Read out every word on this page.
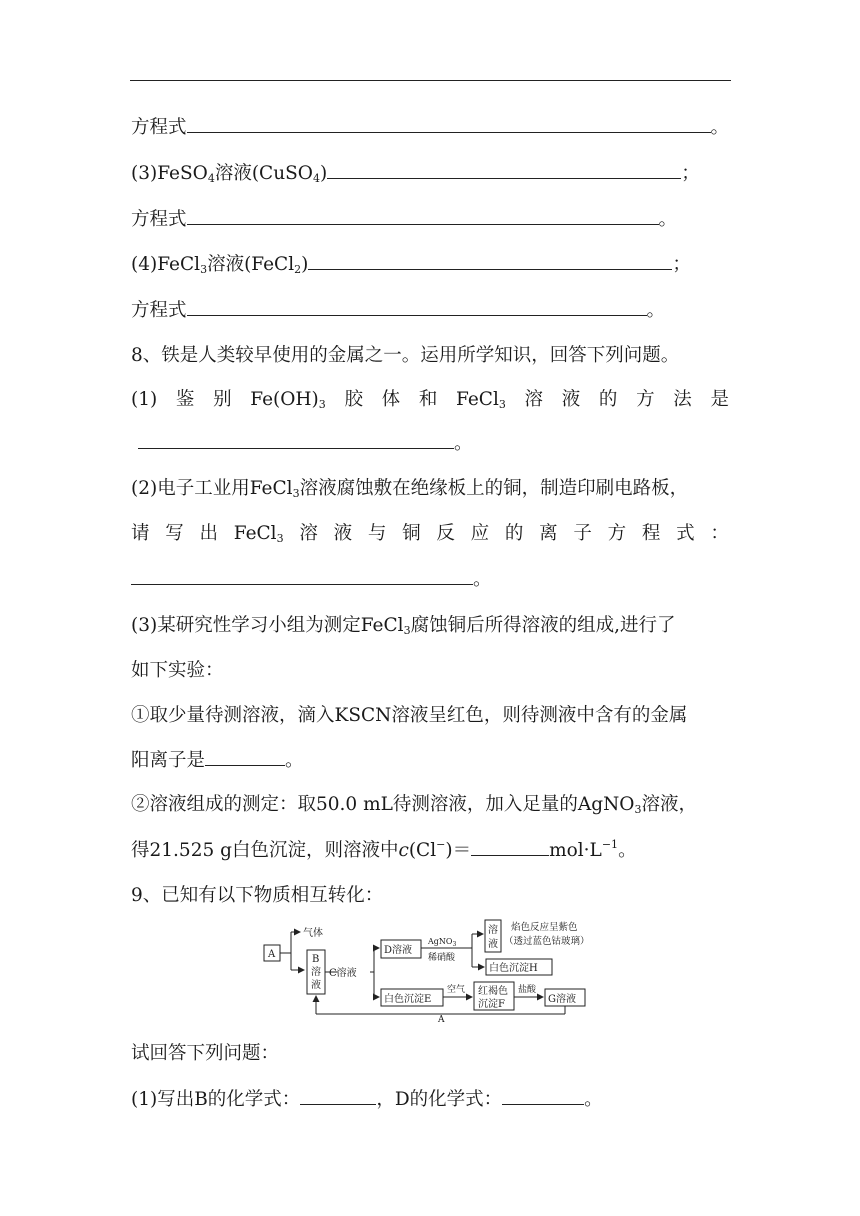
方程式	。
(3)FeSO$_4$溶液(CuSO$_4$)	；
方程式	。
(4)FeCl$_3$溶液(FeCl$_2$)	；
方程式	。
8、铁是人类较早使用的金属之一。运用所学知识，回答下列问题。
(1) 鉴 别 $Fe(OH)_3$ 胶 体 和 FeCl$_3$ 溶 液 的 方 法 是
。
(2)电子工业用FeCl$_3$溶液腐蚀敷在绝缘板上的铜，制造印刷电路板，
请 写 出 FeCl$_3$ 溶 液 与 铜 反 应 的 离 子 方 程 式 ：
。
(3)某研究性学习小组为测定FeCl$_3$腐蚀铜后所得溶液的组成,进行了
如下实验：
①取少量待测溶液，滴入KSCN溶液呈红色，则待测液中含有的金属
阳离子是	。
②溶液组成的测定：取50.0 mL待测溶液，加入足量的AgNO$_3$溶液，
得21.525 g白色沉淀，则溶液中c(Cl−)＝	$mol\cdot L^{-1}$。
9、已知有以下物质相互转化：
A
气体
B
溶
液
C溶液
D溶液
AgNO$_3$
稀硝酸
溶
液
焰色反应呈紫色
（透过蓝色钴玻璃）
白色沉淀H
白色沉淀E
空气 红褐色
沉淀F
盐酸
G溶液
A
试回答下列问题：
(1)写出B的化学式：	，D的化学式：	。
